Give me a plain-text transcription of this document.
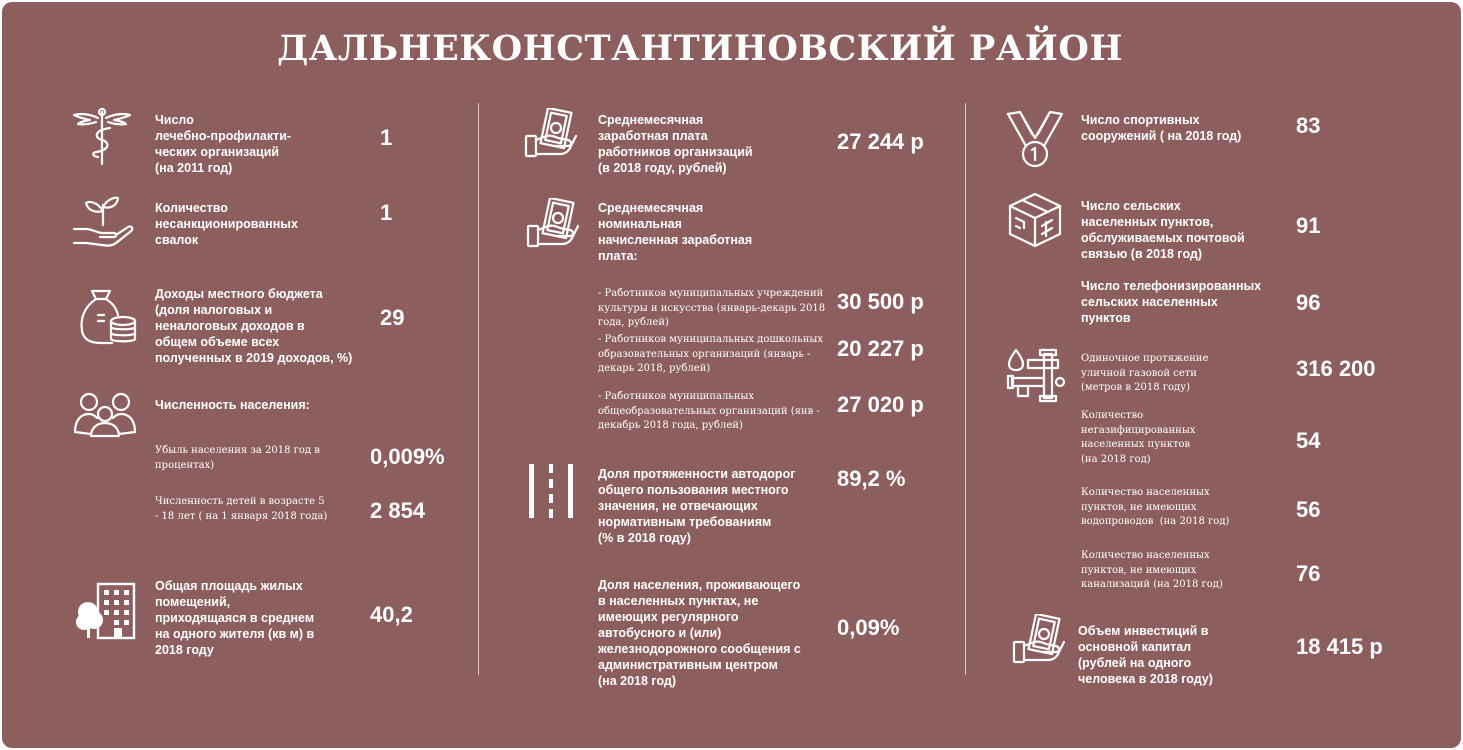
ДАЛЬНЕКОНСТАНТИНОВСКИЙ РАЙОН
Число
лечебно-профилакти-
ческих организаций
(на 2011 год)
1
Количество
несанкционированных
свалок
1
Доходы местного бюджета
(доля налоговых и
неналоговых доходов в
общем объеме всех
полученных в 2019 доходов, %)
29
Численность населения:
Убыль населения за 2018 год в
процентах)	0,009%
Численность детей в возрасте 5
- 18 лет ( на 1 января 2018 года) 2 854
Общая площадь жилых
помещений,
приходящаяся в среднем
на одного жителя (кв м) в
2018 году
40,2
Среднемесячная
заработная плата
работников организаций
(в 2018 году, рублей)
27 244 р
Среднемесячная
номинальная
начисленная заработная
плата:
- Работников муниципальных учреждений
культуры и искусства (январь-декарь 2018
года, рублей)
30 500 р
- Работников муниципальных дошкольных
образовательных организаций (январь -
декарь 2018, рублей)
20 227 р
- Работников муниципальных
общеобразовательных организаций (янв -
декабрь 2018 года, рублей)
27 020 р
Доля протяженности автодорог
общего пользования местного
значения, не отвечающих
нормативным требованиям
(% в 2018 году)
89,2 %
Доля населения, проживающего
в населенных пунктах, не
имеющих регулярного
автобусного и (или)
железнодорожного сообщения с
административным центром
(на 2018 год)
0,09%
Число спортивных
сооружений ( на 2018 год) 83
Число сельских
населенных пунктов,
обслуживаемых почтовой
связью (в 2018 год)
91
Число телефонизированных
сельских населенных
пунктов
96
Одиночное протяжение
уличной газовой сети
(метров в 2018 году)
316 200
Количество
негазифицированных
населенных пунктов
(на 2018 год)
54
Количество населенных
пунктов, не имеющих
водопроводов  (на 2018 год)	56
Количество населенных
пунктов, не имеющих
канализаций (на 2018 год)	76
Объем инвестиций в
основной капитал
(рублей на одного
человека в 2018 году)
18 415 р
